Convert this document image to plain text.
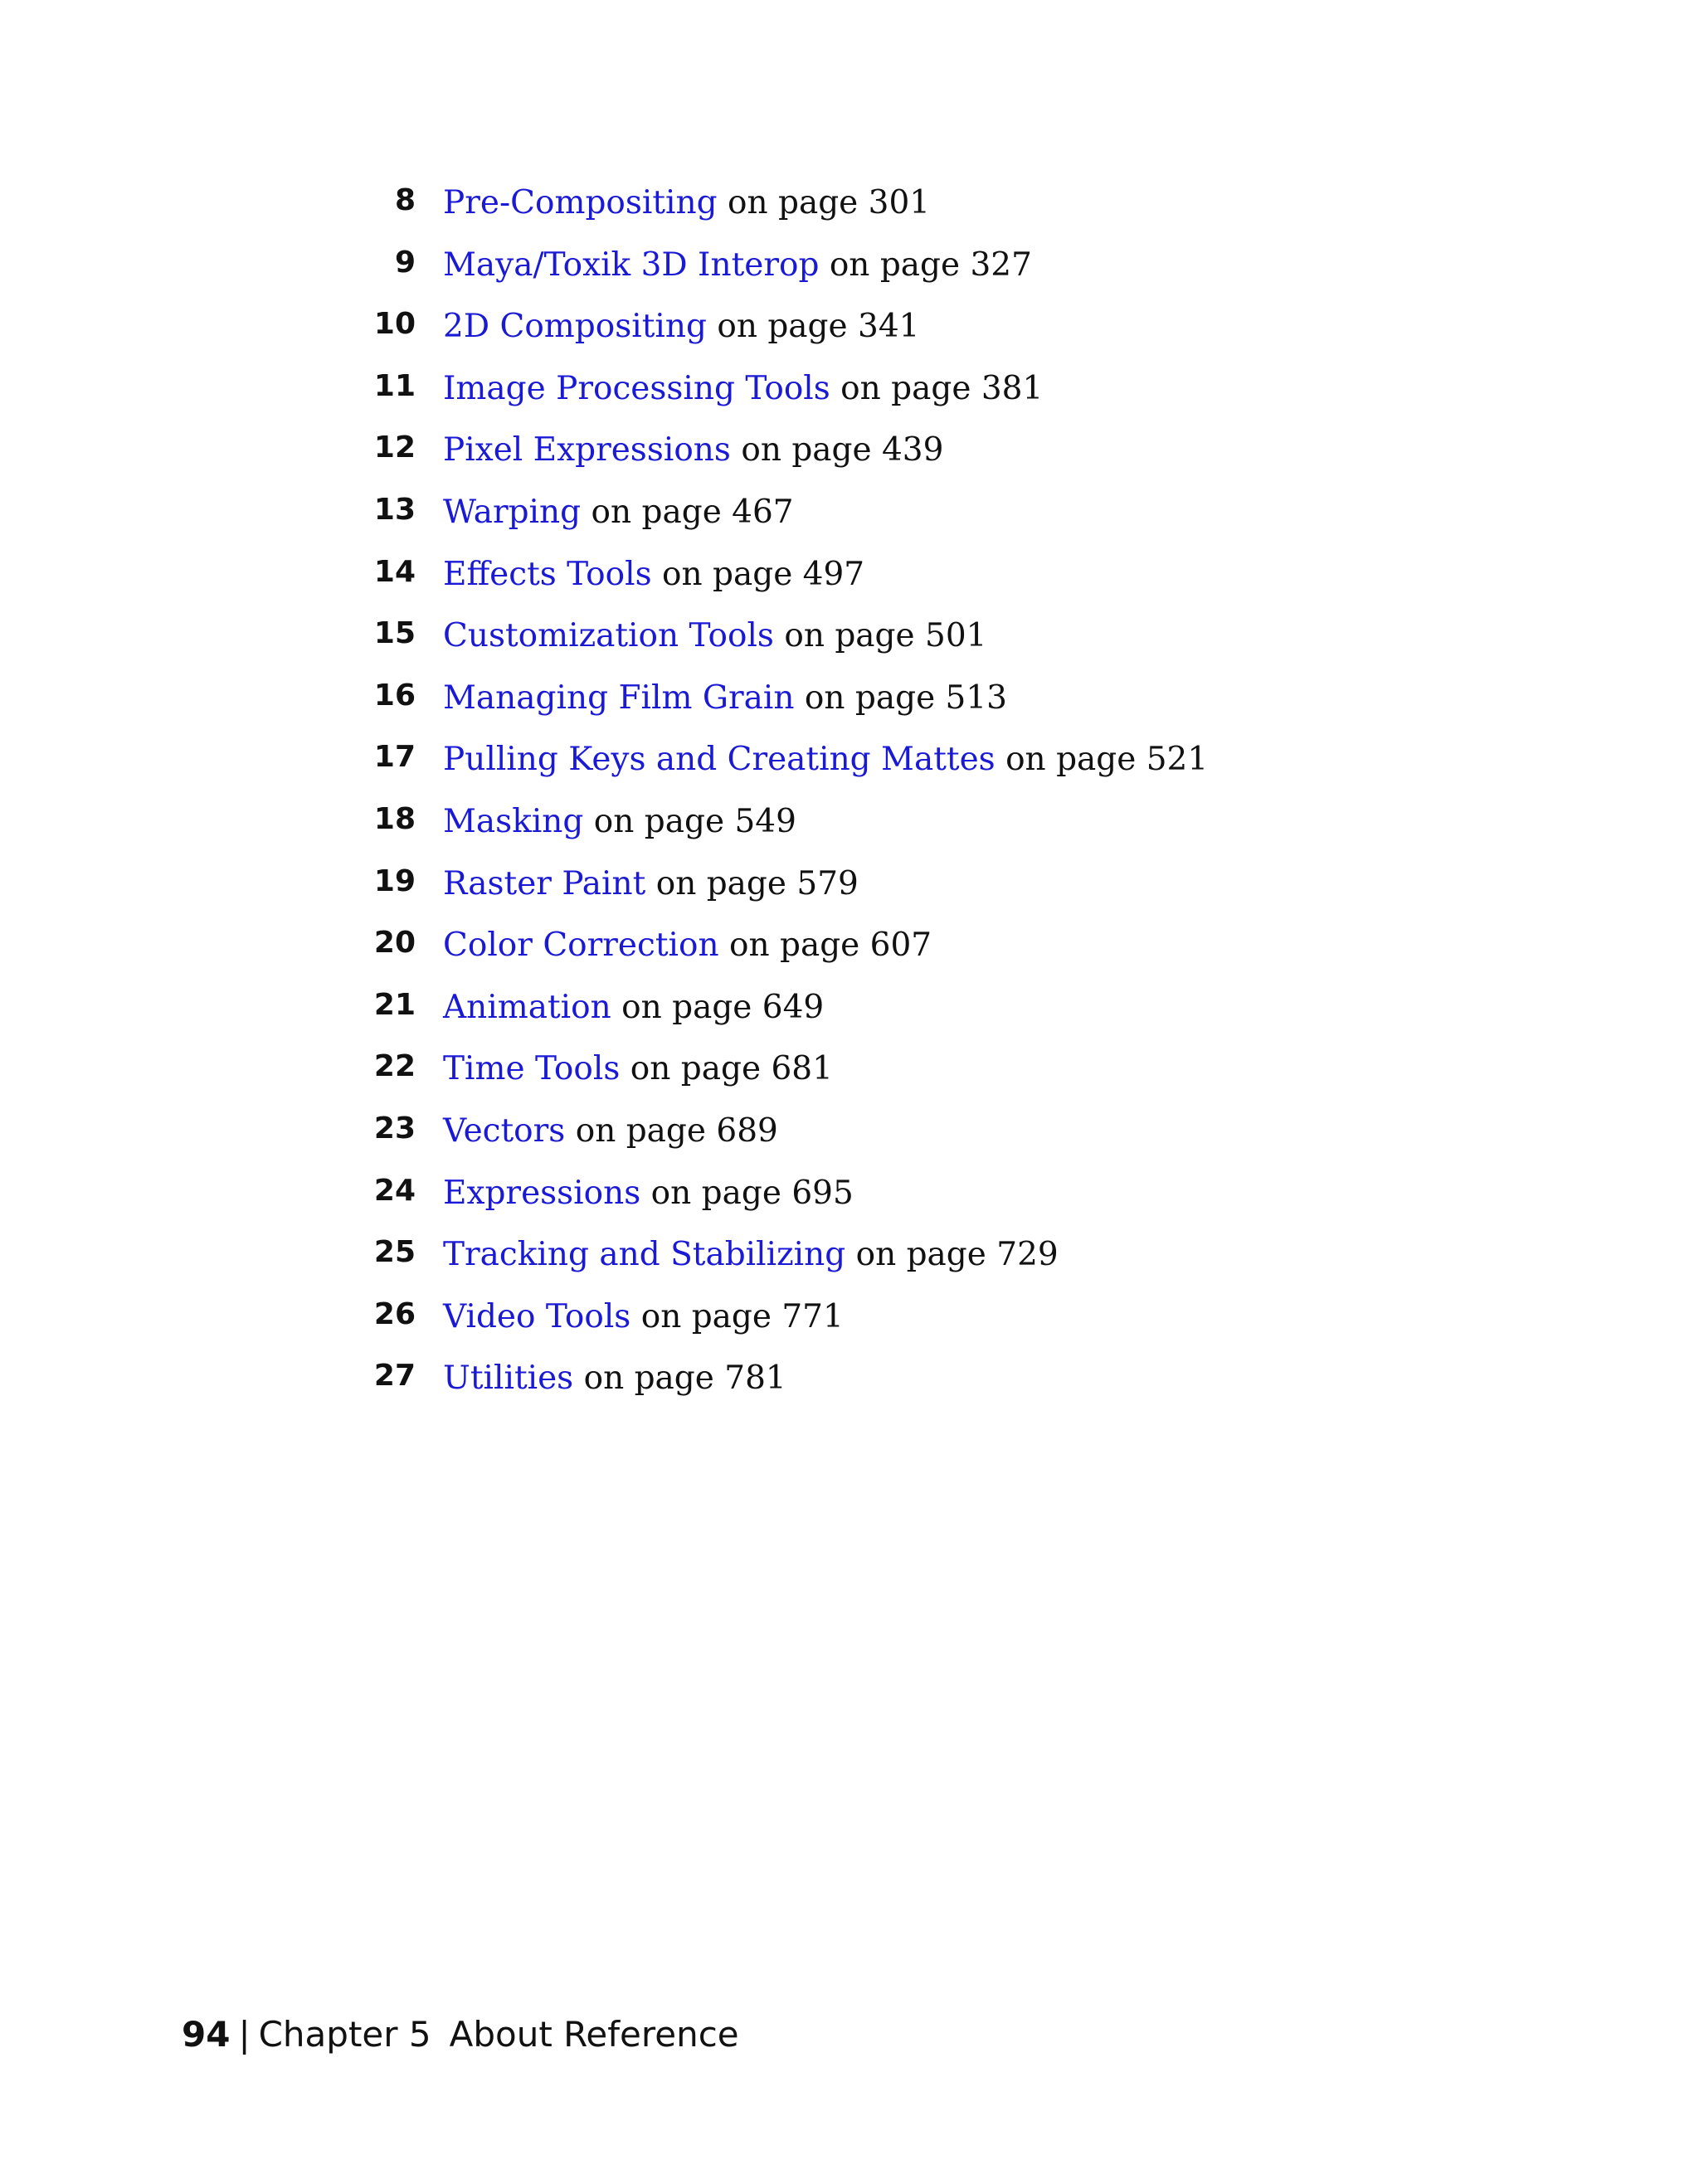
8 Pre-Compositing on page 301
9 Maya/Toxik 3D Interop on page 327
10 2D Compositing on page 341
11 Image Processing Tools on page 381
12 Pixel Expressions on page 439
13 Warping on page 467
14 Effects Tools on page 497
15 Customization Tools on page 501
16 Managing Film Grain on page 513
17 Pulling Keys and Creating Mattes on page 521
18 Masking on page 549
19 Raster Paint on page 579
20 Color Correction on page 607
21 Animation on page 649
22 Time Tools on page 681
23 Vectors on page 689
24 Expressions on page 695
25 Tracking and Stabilizing on page 729
26 Video Tools on page 771
27 Utilities on page 781
94 | Chapter 5 About Reference
